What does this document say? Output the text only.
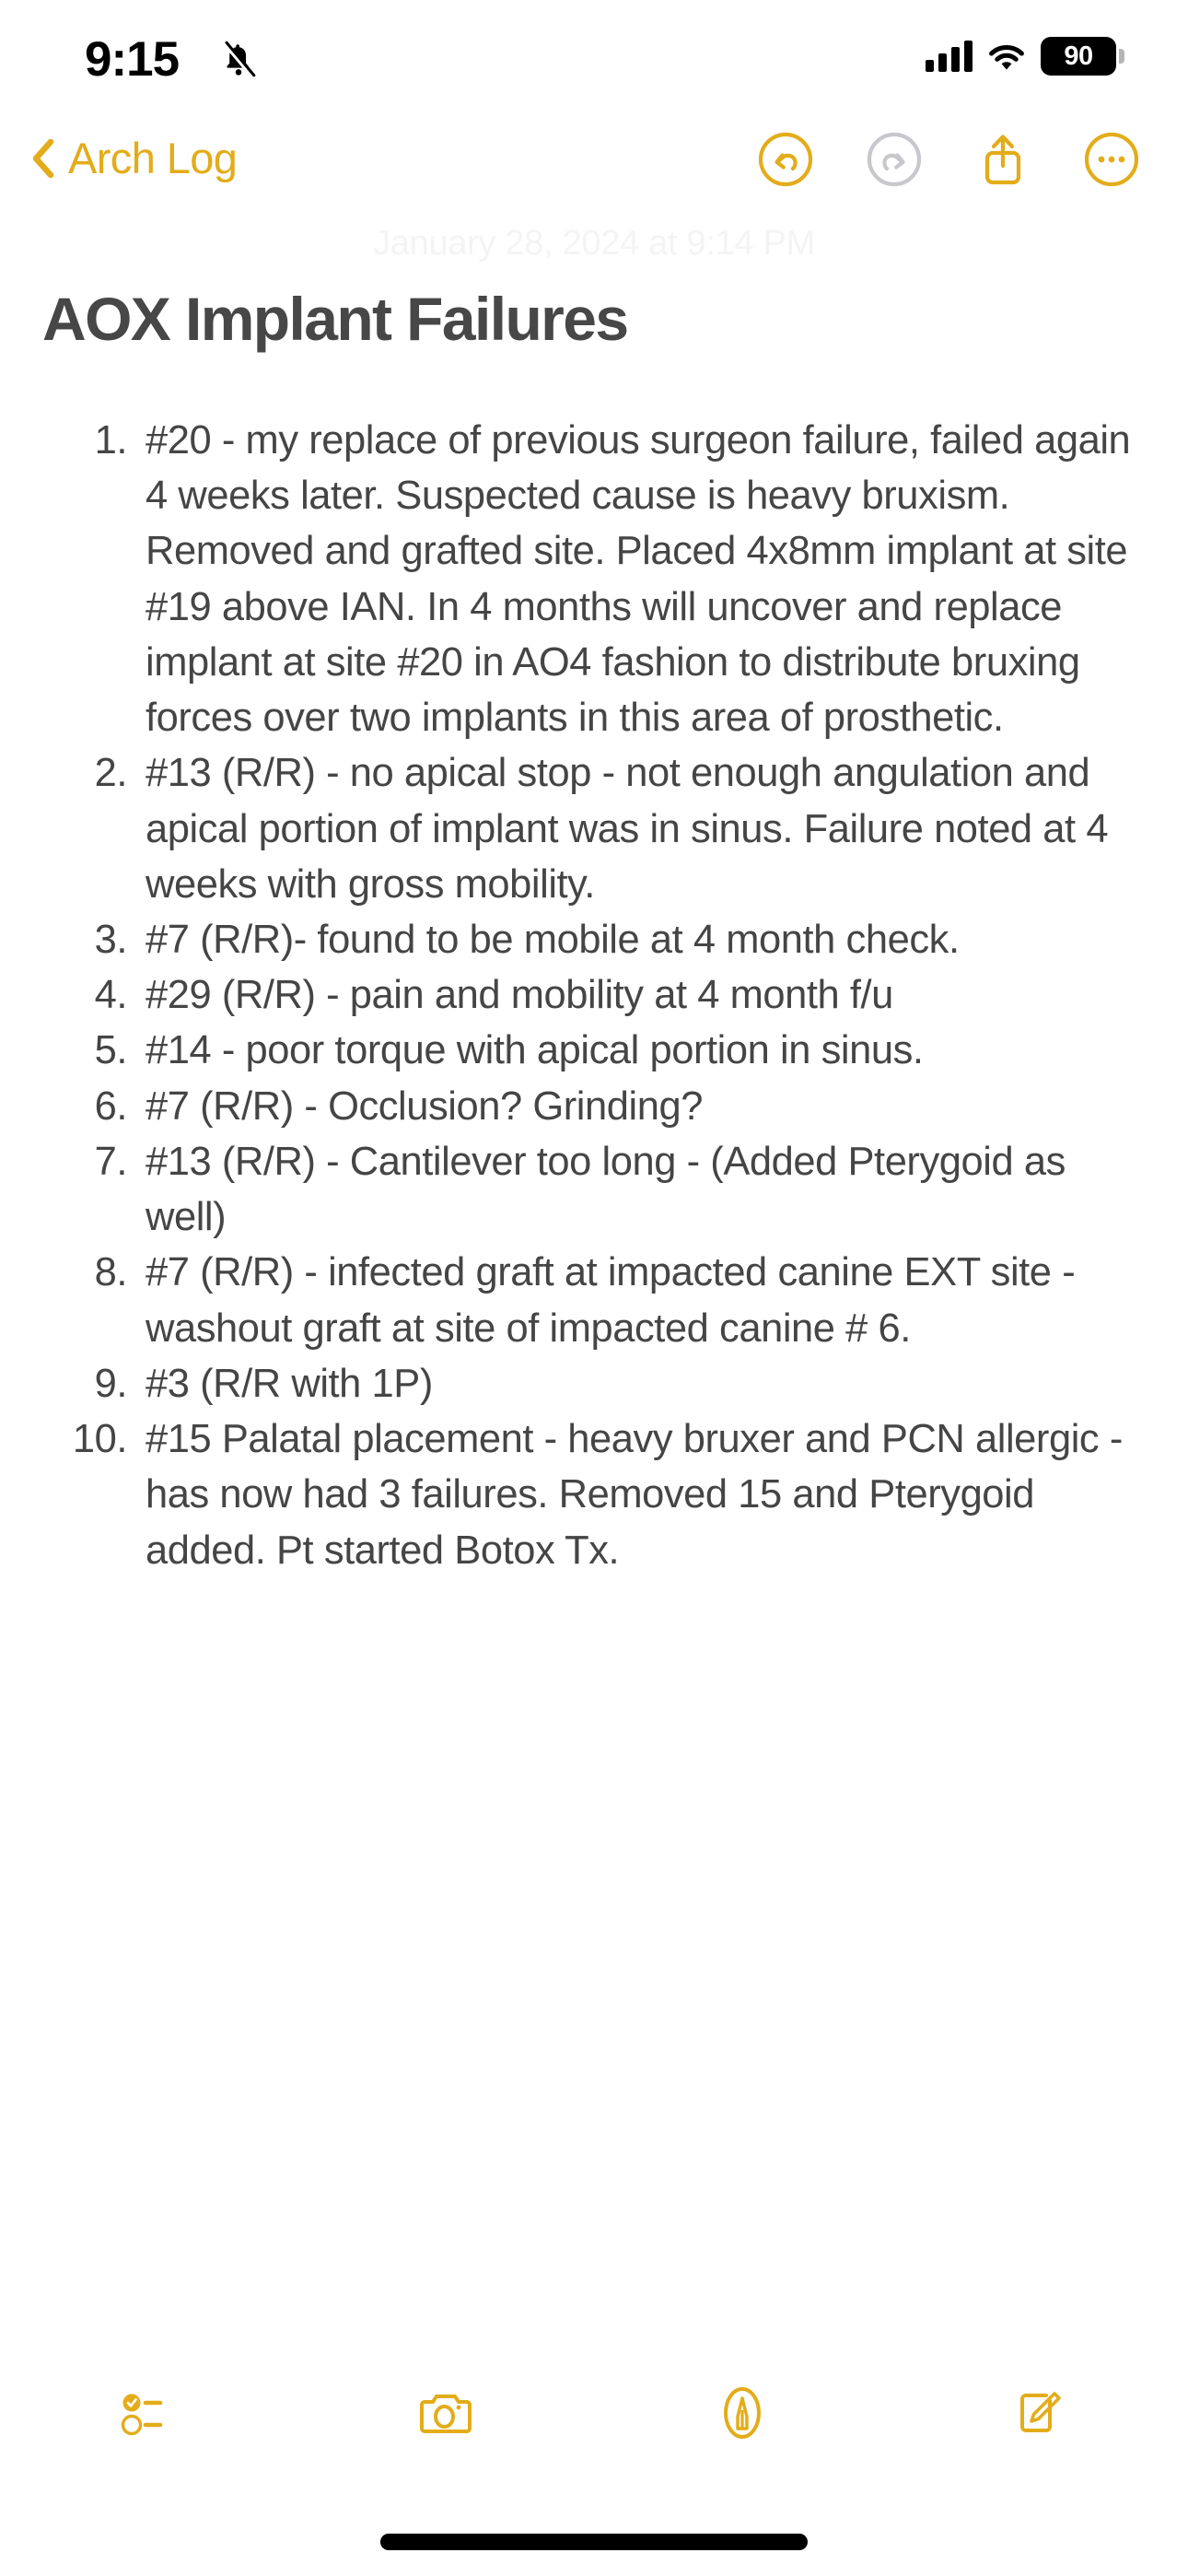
9:15	90
Arch Log
January 28, 2024 at 9:14 PM
AOX Implant Failures
#20 - my replace of previous surgeon failure, failed again 4 weeks later. Suspected cause is heavy bruxism. Removed and grafted site. Placed 4x8mm implant at site #19 above IAN. In 4 months will uncover and replace implant at site #20 in AO4 fashion to distribute bruxing forces over two implants in this area of prosthetic.
#13 (R/R) - no apical stop - not enough angulation and apical portion of implant was in sinus. Failure noted at 4 weeks with gross mobility.
#7 (R/R)- found to be mobile at 4 month check.
#29 (R/R) - pain and mobility at 4 month f/u
#14 - poor torque with apical portion in sinus.
#7 (R/R) - Occlusion? Grinding?
#13 (R/R) - Cantilever too long - (Added Pterygoid as well)
#7 (R/R) - infected graft at impacted canine EXT site - washout graft at site of impacted canine # 6.
#3 (R/R with 1P)
#15 Palatal placement - heavy bruxer and PCN allergic - has now had 3 failures. Removed 15 and Pterygoid added. Pt started Botox Tx.
